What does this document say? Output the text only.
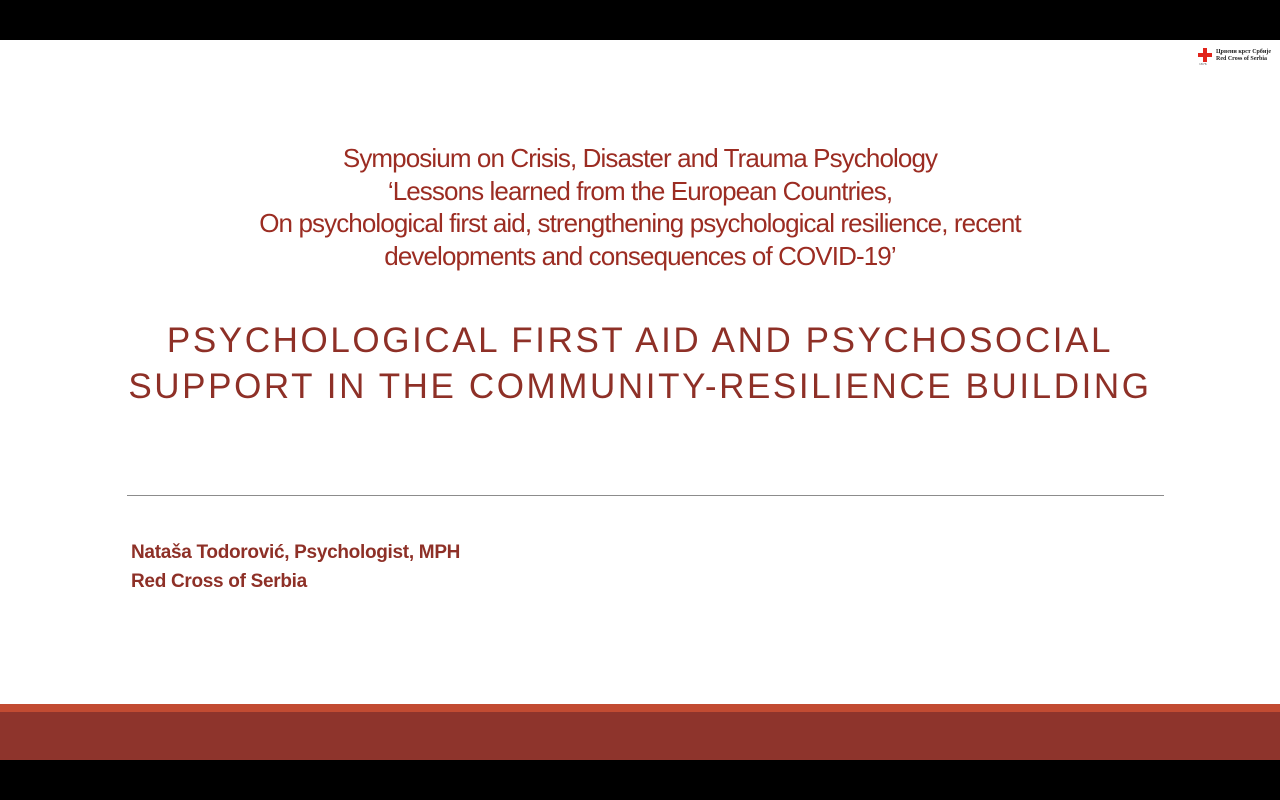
1876
Црвени крст Србије
Red Cross of Serbia
Symposium on Crisis, Disaster and Trauma Psychology
‘Lessons learned from the European Countries,
On psychological first aid, strengthening psychological resilience, recent
developments and consequences of COVID-19’
PSYCHOLOGICAL FIRST AID AND PSYCHOSOCIAL
SUPPORT IN THE COMMUNITY-RESILIENCE BUILDING
Nataša Todorović, Psychologist, MPH
Red Cross of Serbia
